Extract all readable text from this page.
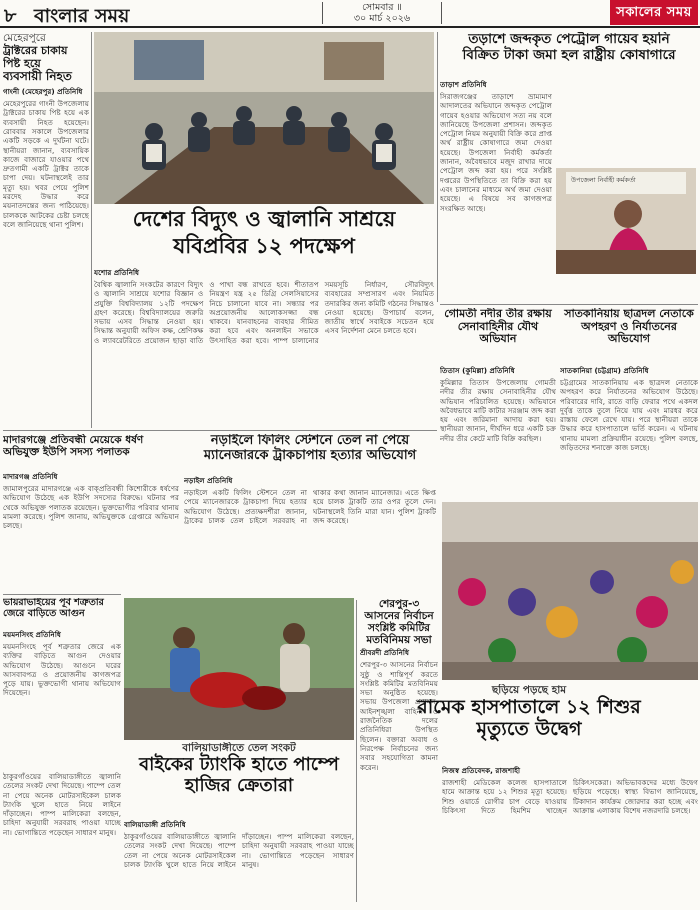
৮ বাংলার সময়	সোমবার ॥
৩০ মার্চ ২০২৬	সকালের সময়
মেহেরপুরে
ট্রাক্টরের চাকায়
পিষ্ট হয়ে
ব্যবসায়ী নিহত
গাংনী (মেহেরপুর) প্রতিনিধি
মেহেরপুরের গাংনী উপজেলায় ট্রাক্টরের চাকায় পিষ্ট হয়ে এক ব্যবসায়ী নিহত হয়েছেন। রোববার সকালে উপজেলার একটি সড়কে এ দুর্ঘটনা ঘটে। স্থানীয়রা জানান, ব্যবসায়িক কাজে বাজারে যাওয়ার পথে দ্রুতগামী একটি ট্রাক্টর তাকে চাপা দেয়। ঘটনাস্থলেই তার মৃত্যু হয়। খবর পেয়ে পুলিশ মরদেহ উদ্ধার করে ময়নাতদন্তের জন্য পাঠিয়েছে। চালককে আটকের চেষ্টা চলছে বলে জানিয়েছে থানা পুলিশ।	দেশের বিদ্যুৎ ও জ্বালানি সাশ্রয়ে যবিপ্রবির ১২ পদক্ষেপ
যশোর প্রতিনিধি
বৈশ্বিক জ্বালানি সংকটের কারণে বিদ্যুৎ ও জ্বালানি সাশ্রয়ে যশোর বিজ্ঞান ও প্রযুক্তি বিশ্ববিদ্যালয় ১২টি পদক্ষেপ গ্রহণ করেছে। বিশ্ববিদ্যালয়ের জরুরি সভায় এসব সিদ্ধান্ত নেওয়া হয়। সিদ্ধান্ত অনুযায়ী অফিস কক্ষ, শ্রেণিকক্ষ ও ল্যাবরেটরিতে প্রয়োজন ছাড়া বাতি ও পাখা বন্ধ রাখতে হবে। শীতাতপ নিয়ন্ত্রণ যন্ত্র ২৫ ডিগ্রি সেলসিয়াসের নিচে চালানো যাবে না। সন্ধ্যার পর অপ্রয়োজনীয় আলোকসজ্জা বন্ধ থাকবে। যানবাহনের ব্যবহার সীমিত করা হবে এবং অনলাইন সভাকে উৎসাহিত করা হবে। পাম্প চালানোর সময়সূচি নির্ধারণ, সৌরবিদ্যুৎ ব্যবহারের সম্প্রসারণ এবং নিয়মিত তদারকির জন্য কমিটি গঠনের সিদ্ধান্তও নেওয়া হয়েছে। উপাচার্য বলেন, জাতীয় স্বার্থে সবাইকে সচেতন হয়ে এসব নির্দেশনা মেনে চলতে হবে।
তড়াশে জব্দকৃত পেট্রোল গায়েব হয়নি
বিক্রিত টাকা জমা হল রাষ্ট্রীয় কোষাগারে
তাড়াশ প্রতিনিধি
সিরাজগঞ্জের তাড়াশে ভ্রাম্যমাণ আদালতের অভিযানে জব্দকৃত পেট্রোল গায়েব হওয়ার অভিযোগ সত্য নয় বলে জানিয়েছে উপজেলা প্রশাসন। জব্দকৃত পেট্রোল নিয়ম অনুযায়ী বিক্রি করে প্রাপ্ত অর্থ রাষ্ট্রীয় কোষাগারে জমা দেওয়া হয়েছে। উপজেলা নির্বাহী কর্মকর্তা জানান, অবৈধভাবে মজুদ রাখার দায়ে পেট্রোল জব্দ করা হয়। পরে সংশ্লিষ্ট দপ্তরের উপস্থিতিতে তা বিক্রি করা হয় এবং চালানের মাধ্যমে অর্থ জমা দেওয়া হয়েছে। এ বিষয়ে সব কাগজপত্র সংরক্ষিত আছে।
উপজেলা নির্বাহী কর্মকর্তা
সাতকানিয়ায় ছাত্রদল নেতাকে
অপহরণ ও নির্যাতনের
অভিযোগ
সাতকানিয়া (চট্টগ্রাম) প্রতিনিধি
চট্টগ্রামের সাতকানিয়ায় এক ছাত্রদল নেতাকে অপহরণ করে নির্যাতনের অভিযোগ উঠেছে। পরিবারের দাবি, রাতে বাড়ি ফেরার পথে একদল দুর্বৃত্ত তাকে তুলে নিয়ে যায় এবং মারধর করে রাস্তায় ফেলে রেখে যায়। পরে স্থানীয়রা তাকে উদ্ধার করে হাসপাতালে ভর্তি করেন। এ ঘটনায় থানায় মামলা প্রক্রিয়াধীন রয়েছে। পুলিশ বলছে, জড়িতদের শনাক্তে কাজ চলছে।
গোমতী নদীর তীর রক্ষায় সেনাবাহিনীর যৌথ অভিযান
তিতাস (কুমিল্লা) প্রতিনিধি
কুমিল্লার তিতাস উপজেলায় গোমতী নদীর তীর রক্ষায় সেনাবাহিনীর যৌথ অভিযান পরিচালিত হয়েছে। অভিযানে অবৈধভাবে মাটি কাটার সরঞ্জাম জব্দ করা হয় এবং জরিমানা আদায় করা হয়। স্থানীয়রা জানান, দীর্ঘদিন ধরে একটি চক্র নদীর তীর কেটে মাটি বিক্রি করছিল।
মাদারগঞ্জে প্রতিবন্ধী মেয়েকে ধর্ষণ
অভিযুক্ত ইউপি সদস্য পলাতক
মাদারগঞ্জ প্রতিনিধি
জামালপুরের মাদারগঞ্জে এক বাক্‌প্রতিবন্ধী কিশোরীকে ধর্ষণের অভিযোগ উঠেছে এক ইউপি সদস্যের বিরুদ্ধে। ঘটনার পর থেকে অভিযুক্ত পলাতক রয়েছেন। ভুক্তভোগীর পরিবার থানায় মামলা করেছে। পুলিশ জানায়, অভিযুক্তকে গ্রেপ্তারে অভিযান চলছে।
নড়াইলে ফিলিং স্টেশনে তেল না পেয়ে
ম্যানেজারকে ট্রাকচাপায় হত্যার অভিযোগ
নড়াইল প্রতিনিধি
নড়াইলে একটি ফিলিং স্টেশনে তেল না পেয়ে ম্যানেজারকে ট্রাকচাপা দিয়ে হত্যার অভিযোগ উঠেছে। প্রত্যক্ষদর্শীরা জানান, ট্রাকের চালক তেল চাইলে সরবরাহ না থাকার কথা জানান ম্যানেজার। এতে ক্ষিপ্ত হয়ে চালক ট্রাকটি তার ওপর তুলে দেন। ঘটনাস্থলেই তিনি মারা যান। পুলিশ ট্রাকটি জব্দ করেছে।
ভায়রাভাইয়ের পূর্ব শত্রুতার
জেরে বাড়িতে আগুন
ময়মনসিংহ প্রতিনিধি
ময়মনসিংহে পূর্ব শত্রুতার জেরে এক ব্যক্তির বাড়িতে আগুন দেওয়ার অভিযোগ উঠেছে। আগুনে ঘরের আসবাবপত্র ও প্রয়োজনীয় কাগজপত্র পুড়ে যায়। ভুক্তভোগী থানায় অভিযোগ দিয়েছেন।
বালিয়াডাঙ্গীতে তেল সংকট
বাইকের ট্যাংকি হাতে পাম্পে
হাজির ক্রেতারা
বালিয়াডাঙ্গী প্রতিনিধি
ঠাকুরগাঁওয়ের বালিয়াডাঙ্গীতে জ্বালানি তেলের সংকট দেখা দিয়েছে। পাম্পে তেল না পেয়ে অনেক মোটরসাইকেল চালক ট্যাংকি খুলে হাতে নিয়ে লাইনে দাঁড়াচ্ছেন। পাম্প মালিকেরা বলছেন, চাহিদা অনুযায়ী সরবরাহ পাওয়া যাচ্ছে না। ভোগান্তিতে পড়েছেন সাধারণ মানুষ।
ঠাকুরগাঁওয়ের বালিয়াডাঙ্গীতে জ্বালানি তেলের সংকট দেখা দিয়েছে। পাম্পে তেল না পেয়ে অনেক মোটরসাইকেল চালক ট্যাংকি খুলে হাতে নিয়ে লাইনে দাঁড়াচ্ছেন। পাম্প মালিকেরা বলছেন, চাহিদা অনুযায়ী সরবরাহ পাওয়া যাচ্ছে না। ভোগান্তিতে পড়েছেন সাধারণ মানুষ।
শেরপুর-৩
আসনের নির্বাচন
সংশ্লিষ্ট কমিটির
মতবিনিময় সভা
শ্রীবরদী প্রতিনিধি
শেরপুর-৩ আসনের নির্বাচন সুষ্ঠু ও শান্তিপূর্ণ করতে সংশ্লিষ্ট কমিটির মতবিনিময় সভা অনুষ্ঠিত হয়েছে। সভায় উপজেলা প্রশাসন, আইনশৃঙ্খলা বাহিনী ও রাজনৈতিক দলের প্রতিনিধিরা উপস্থিত ছিলেন। বক্তারা অবাধ ও নিরপেক্ষ নির্বাচনের জন্য সবার সহযোগিতা কামনা করেন।
ছড়িয়ে পড়ছে হাম
রামেক হাসপাতালে ১২ শিশুর
মৃত্যুতে উদ্বেগ
নিজস্ব প্রতিবেদক, রাজশাহী
রাজশাহী মেডিকেল কলেজ হাসপাতালে হামে আক্রান্ত হয়ে ১২ শিশুর মৃত্যু হয়েছে। শিশু ওয়ার্ডে রোগীর চাপ বেড়ে যাওয়ায় চিকিৎসা দিতে হিমশিম খাচ্ছেন চিকিৎসকেরা। অভিভাবকদের মধ্যে উদ্বেগ ছড়িয়ে পড়েছে। স্বাস্থ্য বিভাগ জানিয়েছে, টিকাদান কার্যক্রম জোরদার করা হচ্ছে এবং আক্রান্ত এলাকায় বিশেষ নজরদারি চলছে।
